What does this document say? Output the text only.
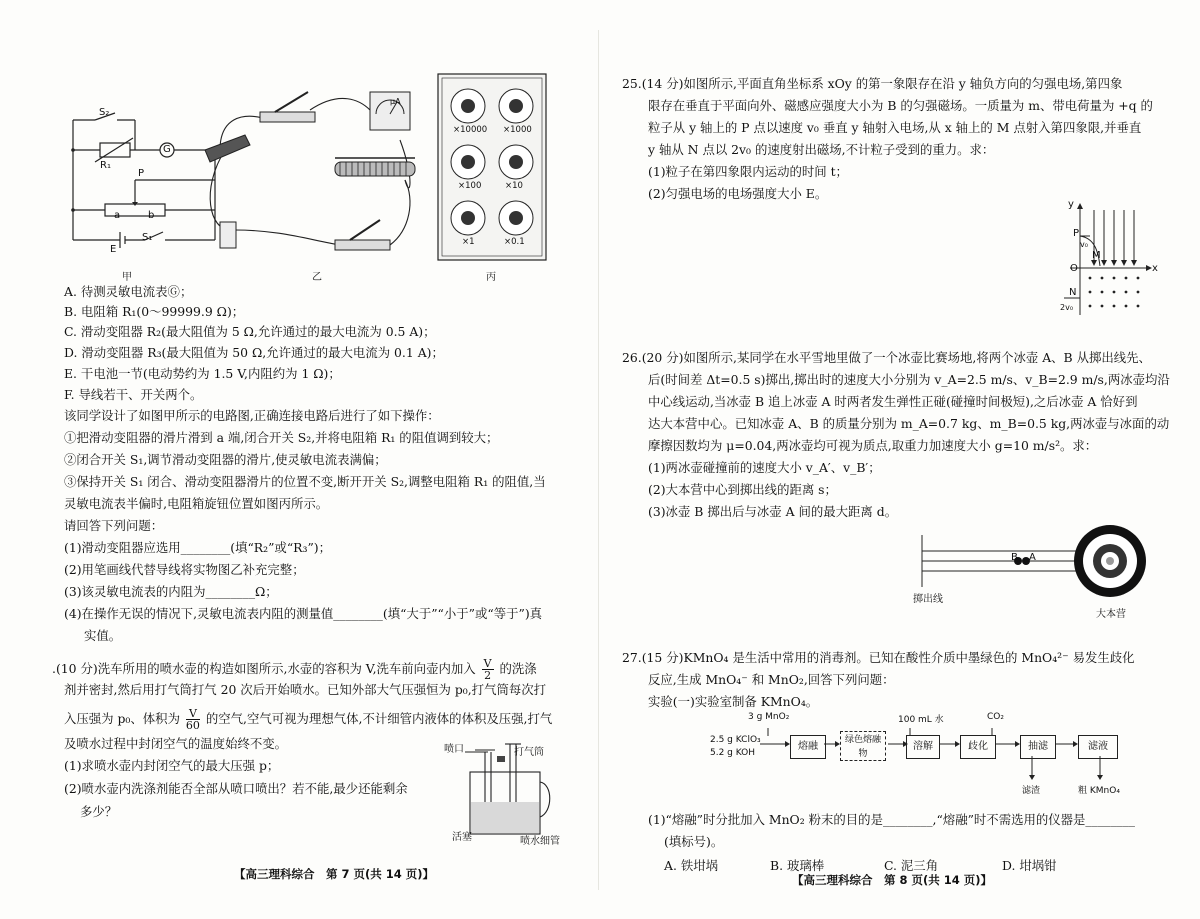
S₂
R₁
G
P
a	b
E
S₁
甲
μA
乙
×10000 ×1000
×100	×10
×1	×0.1
丙
A. 待测灵敏电流表Ⓖ；
B. 电阻箱 R₁(0～99999.9 Ω)；
C. 滑动变阻器 R₂(最大阻值为 5 Ω,允许通过的最大电流为 0.5 A)；
D. 滑动变阻器 R₃(最大阻值为 50 Ω,允许通过的最大电流为 0.1 A)；
E. 干电池一节(电动势约为 1.5 V,内阻约为 1 Ω)；
F. 导线若干、开关两个。
该同学设计了如图甲所示的电路图,正确连接电路后进行了如下操作：
①把滑动变阻器的滑片滑到 a 端,闭合开关 S₂,并将电阻箱 R₁ 的阻值调到较大；
②闭合开关 S₁,调节滑动变阻器的滑片,使灵敏电流表满偏；
③保持开关 S₁ 闭合、滑动变阻器滑片的位置不变,断开开关 S₂,调整电阻箱 R₁ 的阻值,当
灵敏电流表半偏时,电阻箱旋钮位置如图丙所示。
请回答下列问题：
(1)滑动变阻器应选用________(填“R₂”或“R₃”)；
(2)用笔画线代替导线将实物图乙补充完整；
(3)该灵敏电流表的内阻为________Ω；
(4)在操作无误的情况下,灵敏电流表内阻的测量值________(填“大于”“小于”或“等于”)真
实值。
.(10 分)洗车所用的喷水壶的构造如图所示,水壶的容积为 V,洗车前向壶内加入 $\frac{V}{2}$ 的洗涤
剂并密封,然后用打气筒打气 20 次后开始喷水。已知外部大气压强恒为 p₀,打气筒每次打
入压强为 p₀、体积为 $\frac{V}{60}$ 的空气,空气可视为理想气体,不计细管内液体的体积及压强,打气
及喷水过程中封闭空气的温度始终不变。
(1)求喷水壶内封闭空气的最大压强 p；
(2)喷水壶内洗涤剂能否全部从喷口喷出？若不能,最少还能剩余
多少？
喷口	打气筒
活塞	喷水细管
【高三理科综合　第 7 页(共 14 页)】
25.(14 分)如图所示,平面直角坐标系 xOy 的第一象限存在沿 y 轴负方向的匀强电场,第四象
限存在垂直于平面向外、磁感应强度大小为 B 的匀强磁场。一质量为 m、带电荷量为 +q 的
粒子从 y 轴上的 P 点以速度 v₀ 垂直 y 轴射入电场,从 x 轴上的 M 点射入第四象限,并垂直
y 轴从 N 点以 2v₀ 的速度射出磁场,不计粒子受到的重力。求：
(1)粒子在第四象限内运动的时间 t；
(2)匀强电场的电场强度大小 E。
y
x
O
P
M
N
v₀
2v₀
26.(20 分)如图所示,某同学在水平雪地里做了一个冰壶比赛场地,将两个冰壶 A、B 从掷出线先、
后(时间差 Δt=0.5 s)掷出,掷出时的速度大小分别为 v_A=2.5 m/s、v_B=2.9 m/s,两冰壶均沿
中心线运动,当冰壶 B 追上冰壶 A 时两者发生弹性正碰(碰撞时间极短),之后冰壶 A 恰好到
达大本营中心。已知冰壶 A、B 的质量分别为 m_A=0.7 kg、m_B=0.5 kg,两冰壶与冰面的动
摩擦因数均为 μ=0.04,两冰壶均可视为质点,取重力加速度大小 g=10 m/s²。求：
(1)两冰壶碰撞前的速度大小 v_A′、v_B′；
(2)大本营中心到掷出线的距离 s；
(3)冰壶 B 掷出后与冰壶 A 间的最大距离 d。
B A
掷出线
大本营
27.(15 分)KMnO₄ 是生活中常用的消毒剂。已知在酸性介质中墨绿色的 MnO₄²⁻ 易发生歧化
反应,生成 MnO₄⁻ 和 MnO₂,回答下列问题：
实验(一)实验室制备 KMnO₄。
3 g MnO₂	100 mL 水	CO₂
2.5 g KClO₃
5.2 g KOH
熔融
绿色熔融物
溶解	歧化	抽滤	滤液
滤渣	粗 KMnO₄
(1)“熔融”时分批加入 MnO₂ 粉末的目的是________,“熔融”时不需选用的仪器是________
(填标号)。
A. 铁坩埚	B. 玻璃棒	C. 泥三角	D. 坩埚钳
【高三理科综合　第 8 页(共 14 页)】
